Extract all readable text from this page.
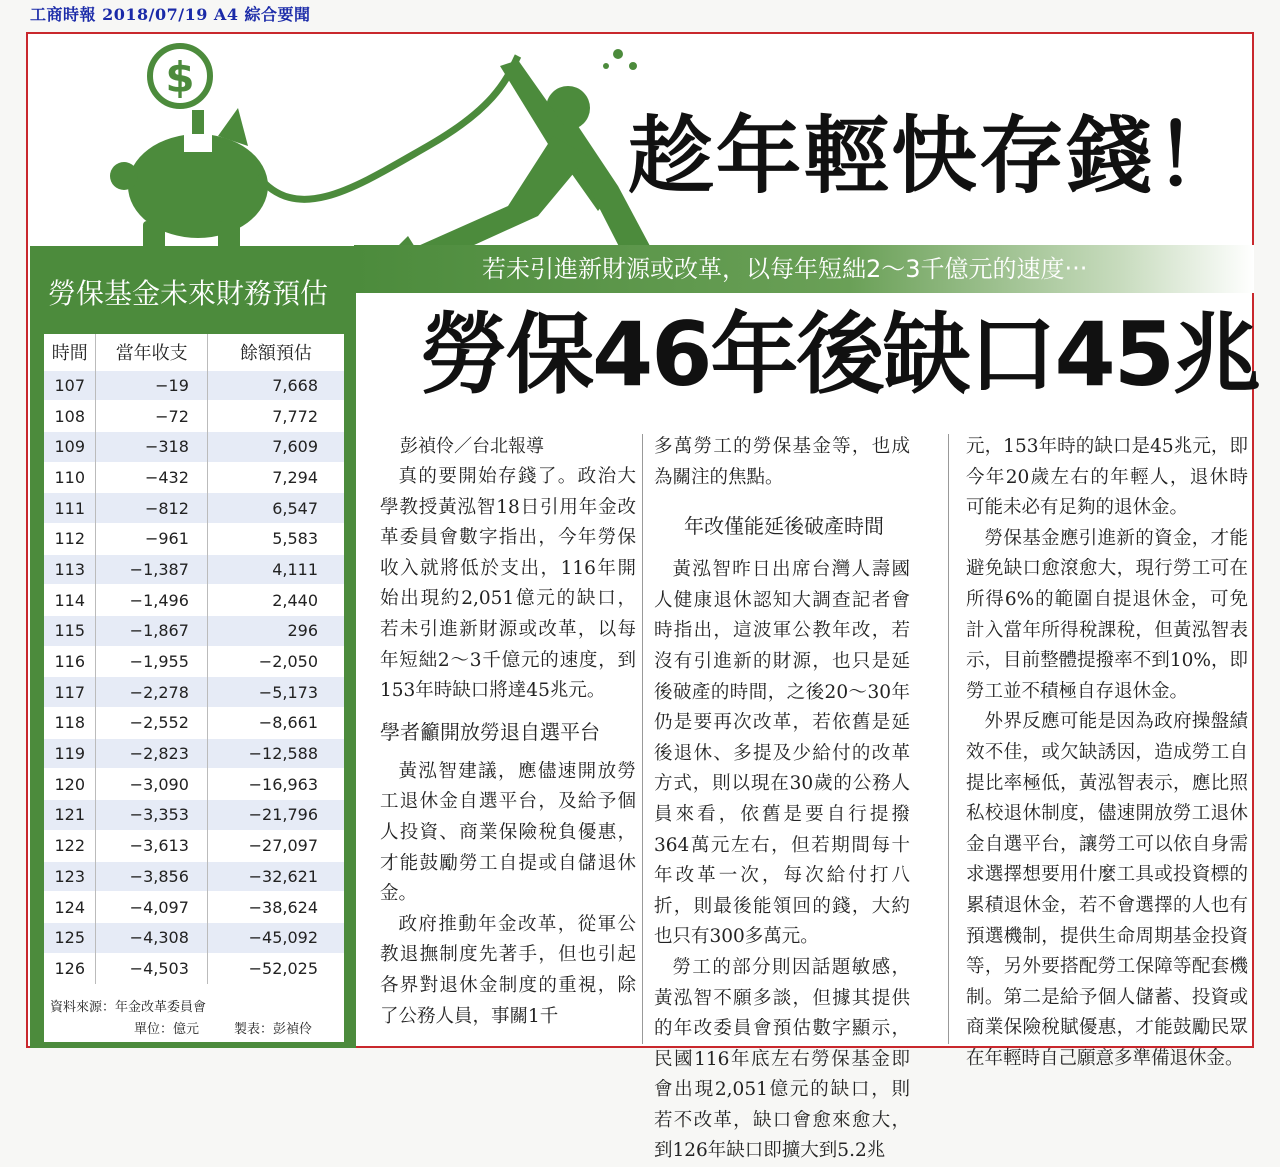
工商時報 2018/07/19 A4 綜合要聞
$
趁年輕快存錢！
若未引進新財源或改革，以每年短絀2～3千億元的速度‧‧‧
勞保46年後缺口45兆
勞保基金未來財務預估
時間	當年收支	餘額預估
107	−19	7,668
108	−72	7,772
109	−318	7,609
110	−432	7,294
111	−812	6,547
112	−961	5,583
113	−1,387	4,111
114	−1,496	2,440
115	−1,867	296
116	−1,955	−2,050
117	−2,278	−5,173
118	−2,552	−8,661
119	−2,823	−12,588
120	−3,090	−16,963
121	−3,353	−21,796
122	−3,613	−27,097
123	−3,856	−32,621
124	−4,097	−38,624
125	−4,308	−45,092
126	−4,503	−52,025
資料來源：年金改革委員會
單位：億元	製表：彭禎伶
彭禎伶／台北報導

真的要開始存錢了。政治大學教授黃泓智18日引用年金改革委員會數字指出，今年勞保收入就將低於支出，116年開始出現約2,051億元的缺口，若未引進新財源或改革，以每年短絀2～3千億元的速度，到153年時缺口將達45兆元。

學者籲開放勞退自選平台

黃泓智建議，應儘速開放勞工退休金自選平台，及給予個人投資、商業保險稅負優惠，才能鼓勵勞工自提或自儲退休金。

政府推動年金改革，從軍公教退撫制度先著手，但也引起各界對退休金制度的重視，除了公務人員，事關1千

多萬勞工的勞保基金等，也成為關注的焦點。

年改僅能延後破產時間

黃泓智昨日出席台灣人壽國人健康退休認知大調查記者會時指出，這波軍公教年改，若沒有引進新的財源，也只是延後破產的時間，之後20～30年仍是要再次改革，若依舊是延後退休、多提及少給付的改革方式，則以現在30歲的公務人員來看，依舊是要自行提撥364萬元左右，但若期間每十年改革一次，每次給付打八折，則最後能領回的錢，大約也只有300多萬元。

勞工的部分則因話題敏感，黃泓智不願多談，但據其提供的年改委員會預估數字顯示，民國116年底左右勞保基金即會出現2,051億元的缺口，則若不改革，缺口會愈來愈大，到126年缺口即擴大到5.2兆

元，153年時的缺口是45兆元，即今年20歲左右的年輕人，退休時可能未必有足夠的退休金。

勞保基金應引進新的資金，才能避免缺口愈滾愈大，現行勞工可在所得6%的範圍自提退休金，可免計入當年所得稅課稅，但黃泓智表示，目前整體提撥率不到10%，即勞工並不積極自存退休金。

外界反應可能是因為政府操盤績效不佳，或欠缺誘因，造成勞工自提比率極低，黃泓智表示，應比照私校退休制度，儘速開放勞工退休金自選平台，讓勞工可以依自身需求選擇想要用什麼工具或投資標的累積退休金，若不會選擇的人也有預選機制，提供生命周期基金投資等，另外要搭配勞工保障等配套機制。第二是給予個人儲蓄、投資或商業保險稅賦優惠，才能鼓勵民眾在年輕時自己願意多準備退休金。
